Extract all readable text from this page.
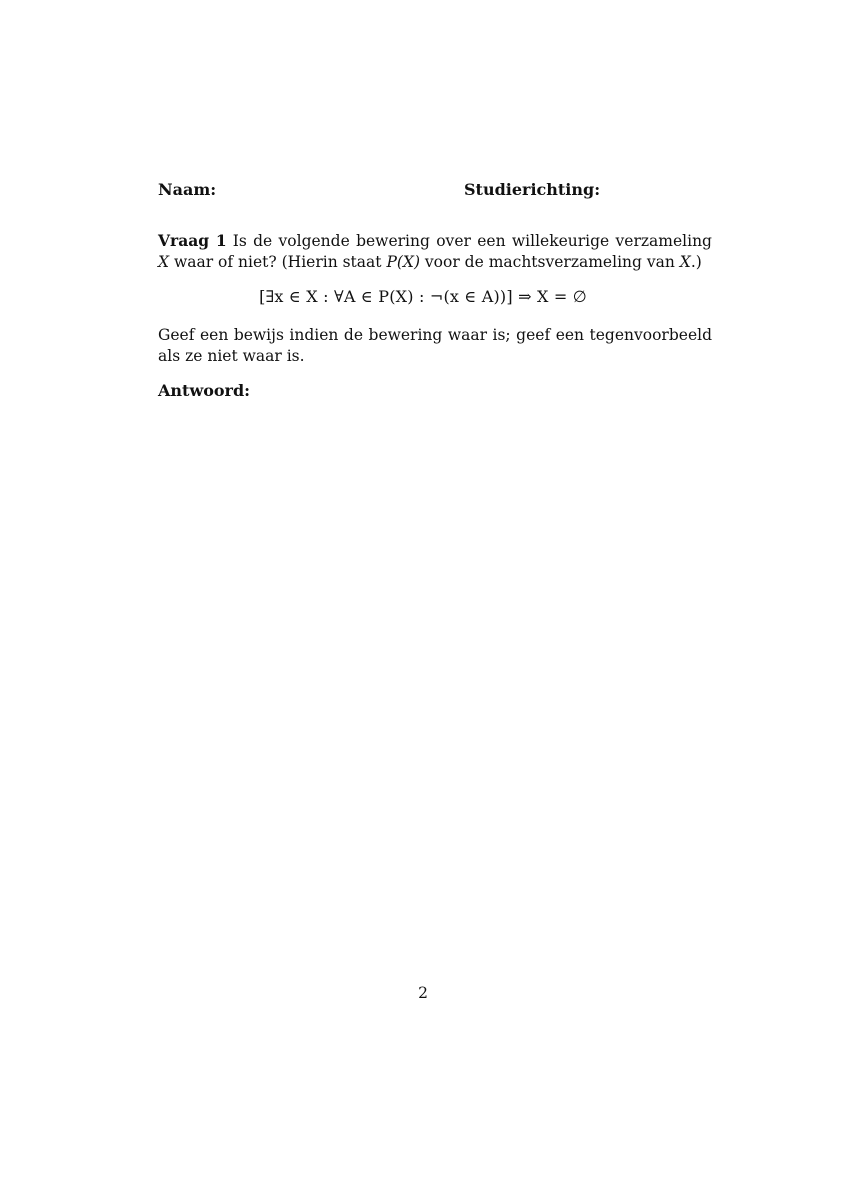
Naam:	Studierichting:
Vraag 1 Is de volgende bewering over een willekeurige verzameling X waar of niet? (Hierin staat P(X) voor de machtsverzameling van X.)
[∃x ∈ X : ∀A ∈ P(X) : ¬(x ∈ A))] ⇒ X = ∅
Geef een bewijs indien de bewering waar is; geef een tegenvoorbeeld als ze niet waar is.
Antwoord:
2
